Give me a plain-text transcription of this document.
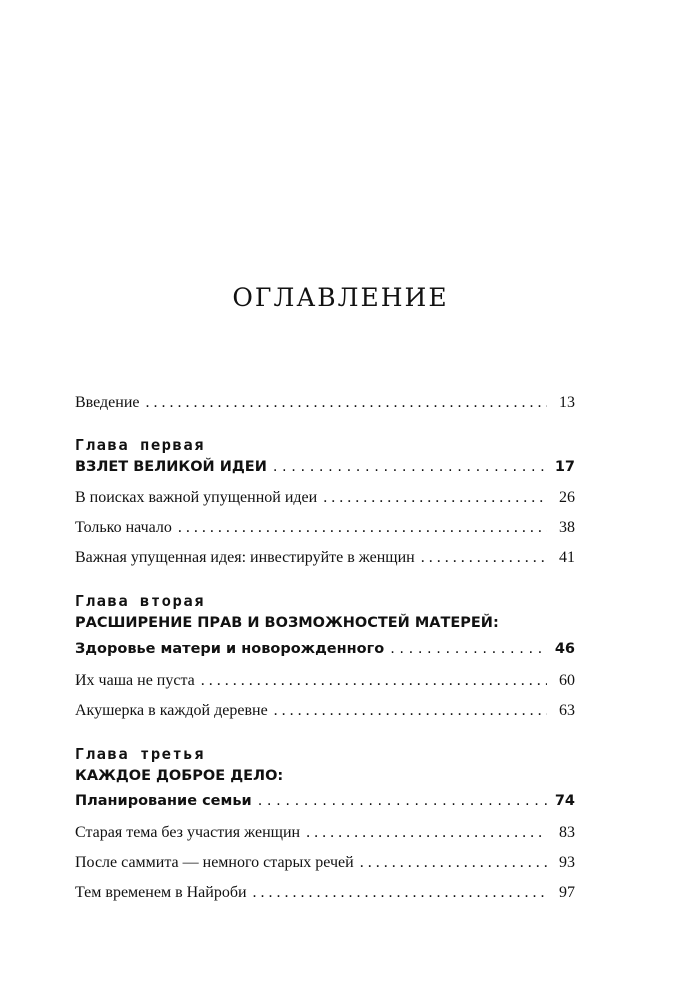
ОГЛАВЛЕНИЕ
Введение . . .	13
Глава первая
ВЗЛЕТ ВЕЛИКОЙ ИДЕИ . . .	17
В поисках важной упущенной идеи . . .	26
Только начало . . .	38
Важная упущенная идея: инвестируйте в женщин . . .	41
Глава вторая
РАСШИРЕНИЕ ПРАВ И ВОЗМОЖНОСТЕЙ МАТЕРЕЙ:
Здоровье матери и новорожденного . . .	46
Их чаша не пуста . . .	60
Акушерка в каждой деревне . . .	63
Глава третья
КАЖДОЕ ДОБРОЕ ДЕЛО:
Планирование семьи . . .	74
Старая тема без участия женщин . . .	83
После саммита — немного старых речей . . .	93
Тем временем в Найроби . . .	97
